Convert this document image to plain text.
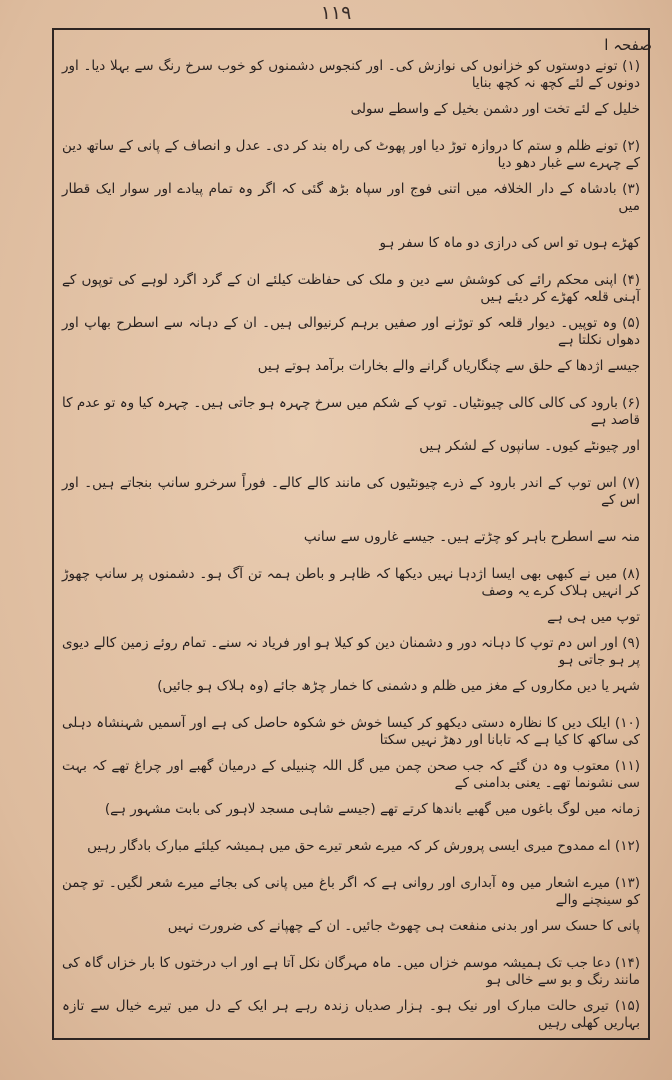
۱۱۹
صفحہ ا

(۱) تونے دوستوں کو خزانوں کی نوازش کی۔ اور کنجوس دشمنوں کو خوب سرخ رنگ سے بہلا دیا۔ اور دونوں کے لئے کچھ نہ کچھ بنایا

خلیل کے لئے تخت اور دشمن بخیل کے واسطے سولی

(۲) تونے ظلم و ستم کا دروازہ توڑ دیا اور پھوٹ کی راہ بند کر دی۔ عدل و انصاف کے پانی کے ساتھ دین کے چہرے سے غبار دھو دیا

(۳) بادشاہ کے دار الخلافہ میں اتنی فوج اور سپاہ بڑھ گئی کہ اگر وہ تمام پیادے اور سوار ایک قطار میں

کھڑے ہوں تو اس کی درازی دو ماہ کا سفر ہو

(۴) اپنی محکم رائے کی کوشش سے دین و ملک کی حفاظت کیلئے ان کے گرد اگرد لوہے کی توپوں کے آہنی قلعہ کھڑے کر دیئے ہیں

(۵) وہ توپیں۔ دیوار قلعہ کو توڑنے اور صفیں برہم کرنیوالی ہیں۔ ان کے دہانہ سے اسطرح بھاپ اور دھواں نکلتا ہے

جیسے اژدھا کے حلق سے چنگاریاں گرانے والے بخارات برآمد ہوتے ہیں

(۶) بارود کی کالی کالی چیونٹیاں۔ توپ کے شکم میں سرخ چہرہ ہو جاتی ہیں۔ چہرہ کیا وہ تو عدم کا قاصد ہے

اور چیونٹے کیوں۔ سانپوں کے لشکر ہیں

(۷) اس توپ کے اندر بارود کے ذرے چیونٹیوں کی مانند کالے کالے۔ فوراً سرخرو سانپ بنجاتے ہیں۔ اور اس کے

منہ سے اسطرح باہر کو چڑتے ہیں۔ جیسے غاروں سے سانپ

(۸) میں نے کبھی بھی ایسا اژدہا نہیں دیکھا کہ ظاہر و باطن ہمہ تن آگ ہو۔ دشمنوں پر سانپ چھوڑ کر انہیں ہلاک کرے یہ وصف

توپ میں ہی ہے

(۹) اور اس دم توپ کا دہانہ دور و دشمنان دین کو کیلا ہو اور فریاد نہ سنے۔ تمام روئے زمین کالے دیوی پر ہو جاتی ہو

شہر یا دیں مکاروں کے مغز میں ظلم و دشمنی کا خمار چڑھ جائے (وہ ہلاک ہو جائیں)

(۱۰) ایلک دیں کا نظارہ دستی دیکھو کر کیسا خوش خو شکوہ حاصل کی ہے اور آسمیں شہنشاہ دہلی کی ساکھ کا کیا ہے کہ تابانا اور دھڑ نہیں سکتا

(۱۱) معتوب وہ دن گئے کہ جب صحن چمن میں گل اللہ چنبیلی کے درمیان گھبے اور چراغ تھے کہ بہت سی نشونما تھے۔ یعنی بدامنی کے

زمانہ میں لوگ باغوں میں گھبے باندھا کرتے تھے (جیسے شاہی مسجد لاہور کی بابت مشہور ہے)

(۱۲) اے ممدوح میری ایسی پرورش کر کہ میرے شعر تیرے حق میں ہمیشہ کیلئے مبارک بادگار رہیں

(۱۳) میرے اشعار میں وہ آبداری اور روانی ہے کہ اگر باغ میں پانی کی بجائے میرے شعر لگیں۔ تو چمن کو سینچنے والے

پانی کا حسک سر اور بدنی منفعت ہی چھوٹ جائیں۔ ان کے چھپانے کی ضرورت نہیں

(۱۴) دعا جب تک ہمیشہ موسم خزاں میں۔ ماہ مہرگان نکل آتا ہے اور اب درختوں کا بار خزاں گاہ کی مانند رنگ و بو سے خالی ہو

(۱۵) تیری حالت مبارک اور نیک ہو۔ ہزار صدیاں زندہ رہے ہر ایک کے دل میں تیرے خیال سے تازہ بہاریں کھلی رہیں
